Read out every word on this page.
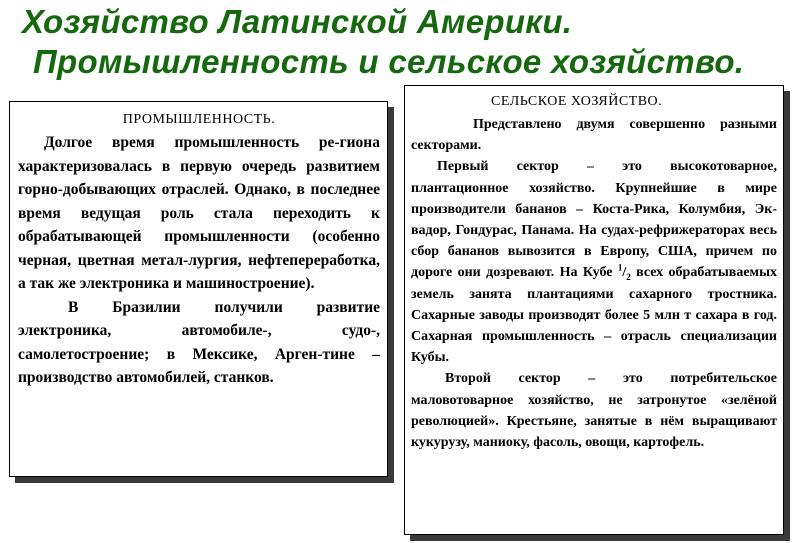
Хозяйство Латинской Америки.
Промышленность и сельское хозяйство.
ПРОМЫШЛЕННОСТЬ.

Долгое время промышленность ре-гиона характеризовалась в первую очередь развитием горно-добывающих отраслей. Однако, в последнее время ведущая роль стала переходить к обрабатывающей промышленности (особенно черная, цветная метал-лургия, нефтепереработка, а так же электроника и машиностроение).

В Бразилии получили развитие электроника, автомобиле-, судо-, самолетостроение; в Мексике, Арген-тине – производство автомобилей, станков.

СЕЛЬСКОЕ ХОЗЯЙСТВО.

Представлено двумя совершенно разными секторами.

Первый сектор – это высокотоварное, плантационное хозяйство. Крупнейшие в мире производители бананов – Коста-Рика, Колумбия, Эк-вадор, Гондурас, Панама. На судах-рефрижераторах весь сбор бананов вывозится в Европу, США, причем по дороге они дозревают. На Кубе $^1/_2$ всех обрабатываемых земель занята плантациями сахарного тростника. Сахарные заводы производят более 5 млн т сахара в год. Сахарная промышленность – отрасль специализации Кубы.

Второй сектор – это потребительское маловотоварное хозяйство, не затронутое «зелёной революцией». Крестьяне, занятые в нём выращивают кукурузу, маниоку, фасоль, овощи, картофель.
